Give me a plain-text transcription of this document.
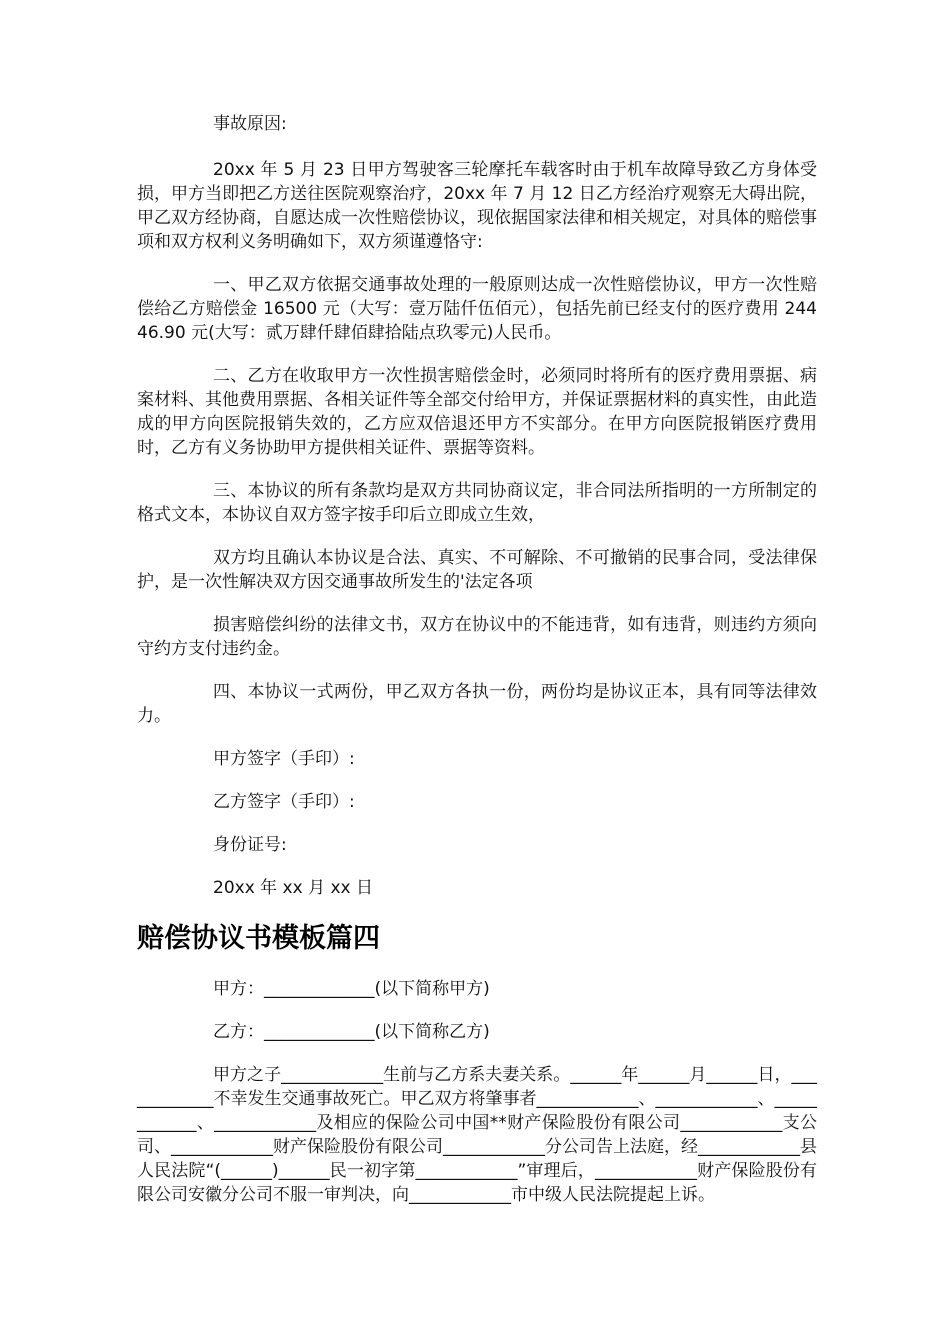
事故原因:

20xx 年 5 月 23 日甲方驾驶客三轮摩托车载客时由于机车故障导致乙方身体受损，甲方当即把乙方送往医院观察治疗，20xx 年 7 月 12 日乙方经治疗观察无大碍出院，甲乙双方经协商，自愿达成一次性赔偿协议，现依据国家法律和相关规定，对具体的赔偿事项和双方权利义务明确如下，双方须谨遵恪守:

一、甲乙双方依据交通事故处理的一般原则达成一次性赔偿协议，甲方一次性赔偿给乙方赔偿金 16500 元（大写：壹万陆仟伍佰元），包括先前已经支付的医疗费用 24446.90 元(大写：贰万肆仟肆佰肆拾陆点玖零元)人民币。

二、乙方在收取甲方一次性损害赔偿金时，必须同时将所有的医疗费用票据、病案材料、其他费用票据、各相关证件等全部交付给甲方，并保证票据材料的真实性，由此造成的甲方向医院报销失效的，乙方应双倍退还甲方不实部分。在甲方向医院报销医疗费用时，乙方有义务协助甲方提供相关证件、票据等资料。

三、本协议的所有条款均是双方共同协商议定，非合同法所指明的一方所制定的格式文本，本协议自双方签字按手印后立即成立生效，

双方均且确认本协议是合法、真实、不可解除、不可撤销的民事合同，受法律保护，是一次性解决双方因交通事故所发生的'法定各项

损害赔偿纠纷的法律文书，双方在协议中的不能违背，如有违背，则违约方须向守约方支付违约金。

四、本协议一式两份，甲乙双方各执一份，两份均是协议正本，具有同等法律效力。

甲方签字（手印）:

乙方签字（手印）:

身份证号:

20xx 年 xx 月 xx 日

赔偿协议书模板篇四

甲方：_____________(以下简称甲方)

乙方：_____________(以下简称乙方)

甲方之子____________生前与乙方系夫妻关系。______年______月______日，____________不幸发生交通事故死亡。甲乙双方将肇事者____________、____________、____________、____________及相应的保险公司中国**财产保险股份有限公司____________支公司、____________财产保险股份有限公司____________分公司告上法庭，经____________县人民法院“(______)______民一初字第____________”审理后，____________财产保险股份有限公司安徽分公司不服一审判决，向____________市中级人民法院提起上诉。
